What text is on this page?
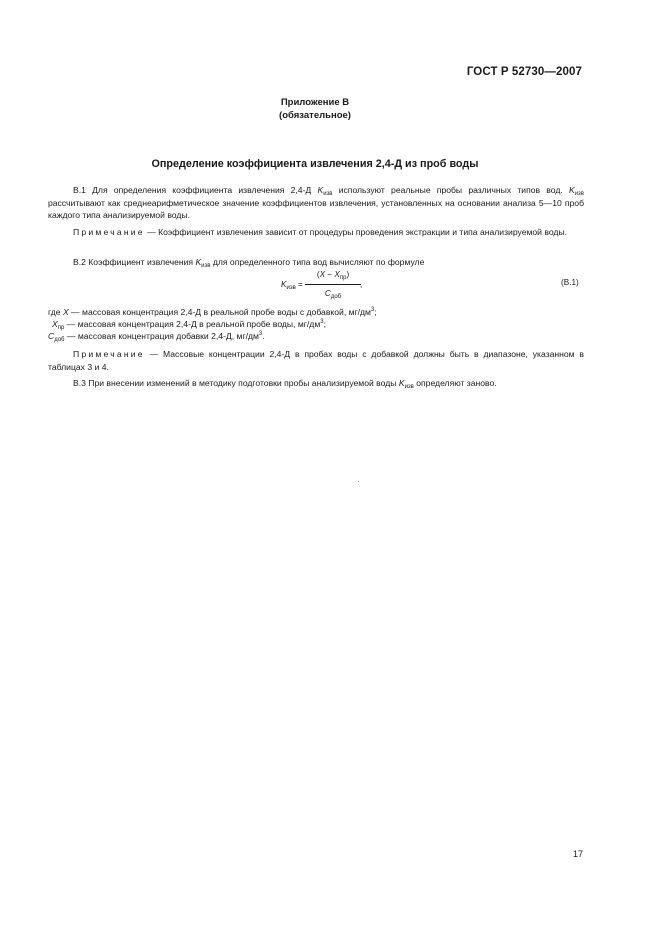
ГОСТ Р 52730—2007
Приложение В
(обязательное)
Определение коэффициента извлечения 2,4-Д из проб воды

В.1 Для определения коэффициента извлечения 2,4-Д $K_{изв}$ используют реальные пробы различных типов вод. $K_{изв}$ рассчитывают как среднеарифметическое значение коэффициентов извлечения, установленных на основании анализа 5—10 проб каждого типа анализируемой воды.

Примечание — Коэффициент извлечения зависит от процедуры проведения экстракции и типа анализируемой воды.

В.2 Коэффициент извлечения $K_{изв}$ для определенного типа вод вычисляют по формуле

$K_{изв}$ =
$(X - X_{пр})$
$C_{доб}$
,	(В.1)
где X — массовая концентрация 2,4-Д в реальной пробе воды с добавкой, $мг/дм^3$;
$X_{пр}$ — массовая концентрация 2,4-Д в реальной пробе воды, $мг/дм^3$;
$C_{доб}$ — массовая концентрация добавки 2,4-Д, $мг/дм^3$.

Примечание — Массовые концентрации 2,4-Д в пробах воды с добавкой должны быть в диапазоне, указанном в таблицах 3 и 4.

В.3 При внесении изменений в методику подготовки пробы анализируемой воды $K_{изв}$ определяют заново.

17
